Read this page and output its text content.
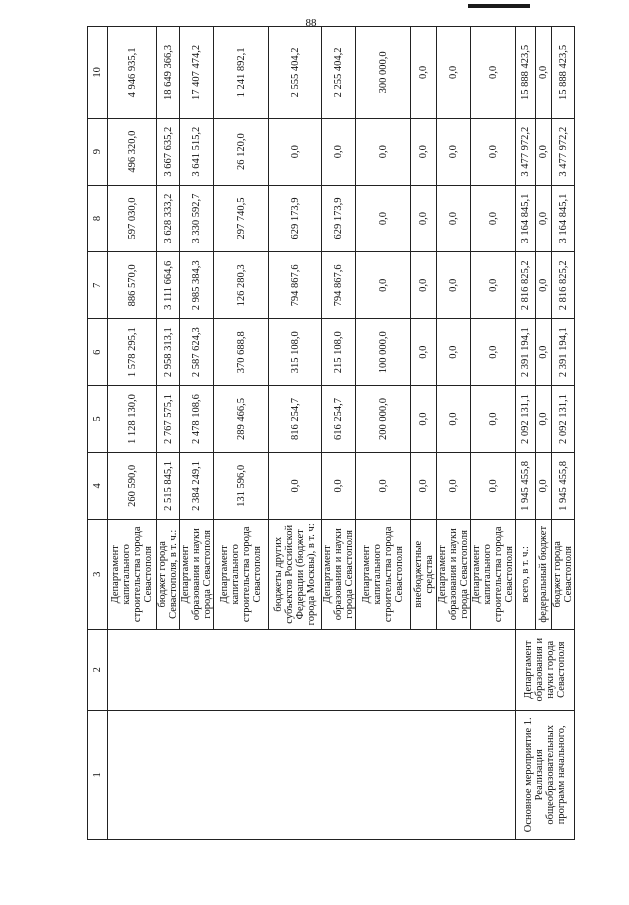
88
1	2	3	4	5	6	7	8	9	10
		Департамент капитального строительства города Севастополя	260 590,0	1 128 130,0	1 578 295,1	886 570,0	597 030,0	496 320,0	4 946 935,1
		бюджет города Севастополя, в т. ч.:	2 515 845,1	2 767 575,1	2 958 313,1	3 111 664,6	3 628 333,2	3 667 635,2	18 649 366,3
		Департамент образования и науки города Севастополя	2 384 249,1	2 478 108,6	2 587 624,3	2 985 384,3	3 330 592,7	3 641 515,2	17 407 474,2
		Департамент капитального строительства города Севастополя	131 596,0	289 466,5	370 688,8	126 280,3	297 740,5	26 120,0	1 241 892,1
		бюджеты других субъектов Российской Федерации (бюджет города Москвы), в т. ч:	0,0	816 254,7	315 108,0	794 867,6	629 173,9	0,0	2 555 404,2
		Департамент образования и науки города Севастополя	0,0	616 254,7	215 108,0	794 867,6	629 173,9	0,0	2 255 404,2
		Департамент капитального строительства города Севастополя	0,0	200 000,0	100 000,0	0,0	0,0	0,0	300 000,0
		внебюджетные средства	0,0	0,0	0,0	0,0	0,0	0,0	0,0
		Департамент образования и науки города Севастополя	0,0	0,0	0,0	0,0	0,0	0,0	0,0
		Департамент капитального строительства города Севастополя	0,0	0,0	0,0	0,0	0,0	0,0	0,0
Основное мероприятие 1. Реализация общеобразовательных программ начального,	Департамент образования и науки города Севастополя	всего, в т. ч.:	1 945 455,8	2 092 131,1	2 391 194,1	2 816 825,2	3 164 845,1	3 477 972,2	15 888 423,5
		федеральный бюджет	0,0	0,0	0,0	0,0	0,0	0,0	0,0
		бюджет города Севастополя	1 945 455,8	2 092 131,1	2 391 194,1	2 816 825,2	3 164 845,1	3 477 972,2	15 888 423,5
